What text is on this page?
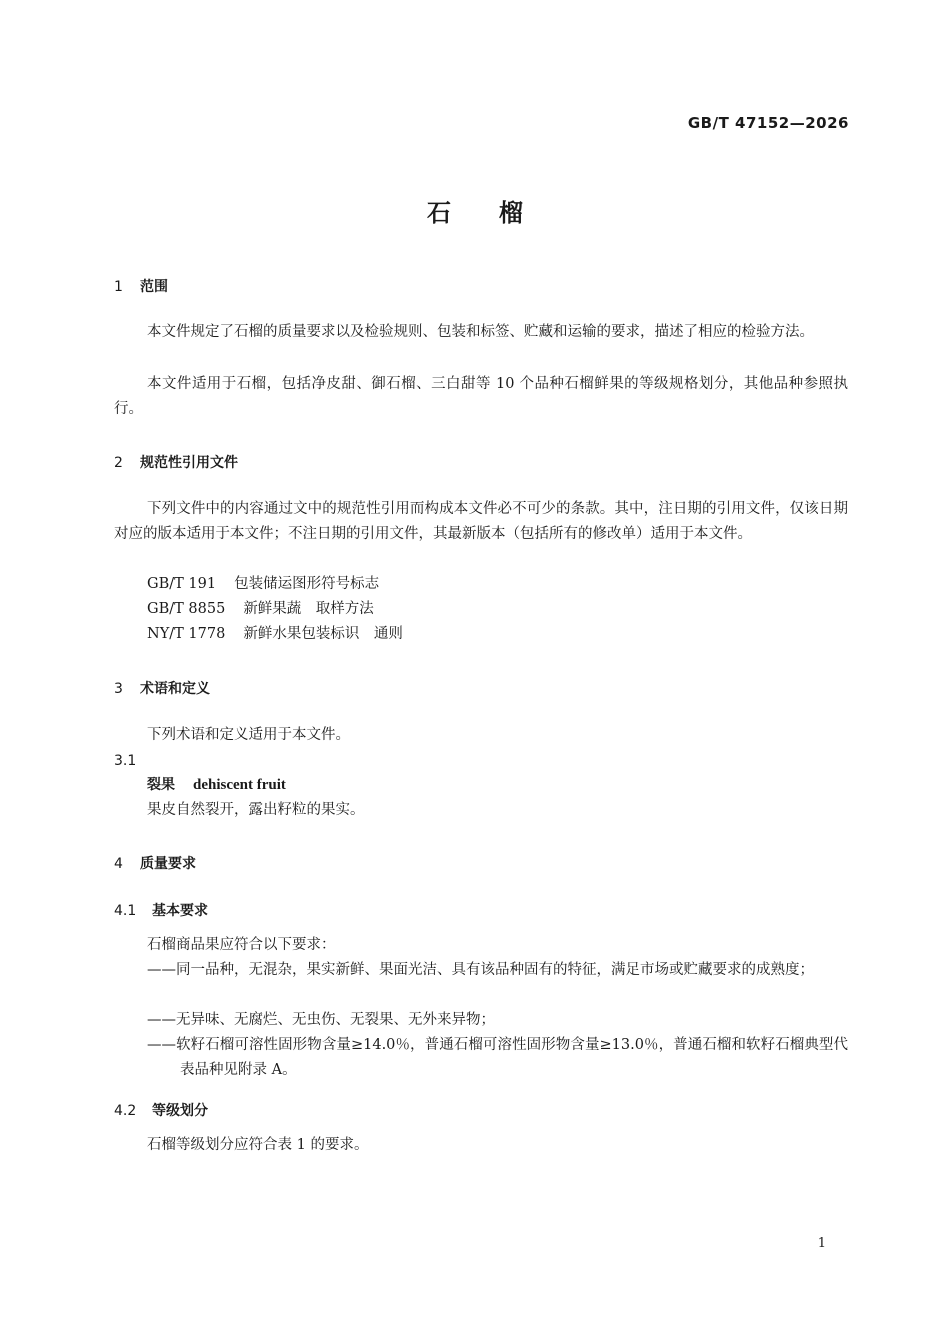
GB/T 47152—2026
石　　榴
1 范围
本文件规定了石榴的质量要求以及检验规则、包装和标签、贮藏和运输的要求，描述了相应的检验方法。
本文件适用于石榴，包括净皮甜、御石榴、三白甜等 10 个品种石榴鲜果的等级规格划分，其他品种参照执行。
2 规范性引用文件
下列文件中的内容通过文中的规范性引用而构成本文件必不可少的条款。其中，注日期的引用文件，仅该日期对应的版本适用于本文件；不注日期的引用文件，其最新版本（包括所有的修改单）适用于本文件。
GB/T 191 包装储运图形符号标志
GB/T 8855 新鲜果蔬　取样方法
NY/T 1778 新鲜水果包装标识　通则
3 术语和定义
下列术语和定义适用于本文件。
3.1
裂果 dehiscent fruit
果皮自然裂开，露出籽粒的果实。
4 质量要求
4.1 基本要求
石榴商品果应符合以下要求：
——同一品种，无混杂，果实新鲜、果面光洁、具有该品种固有的特征，满足市场或贮藏要求的成熟度；
——无异味、无腐烂、无虫伤、无裂果、无外来异物；
——软籽石榴可溶性固形物含量≥14.0％，普通石榴可溶性固形物含量≥13.0％，普通石榴和软籽石榴典型代表品种见附录 A。
4.2 等级划分
石榴等级划分应符合表 1 的要求。
1
